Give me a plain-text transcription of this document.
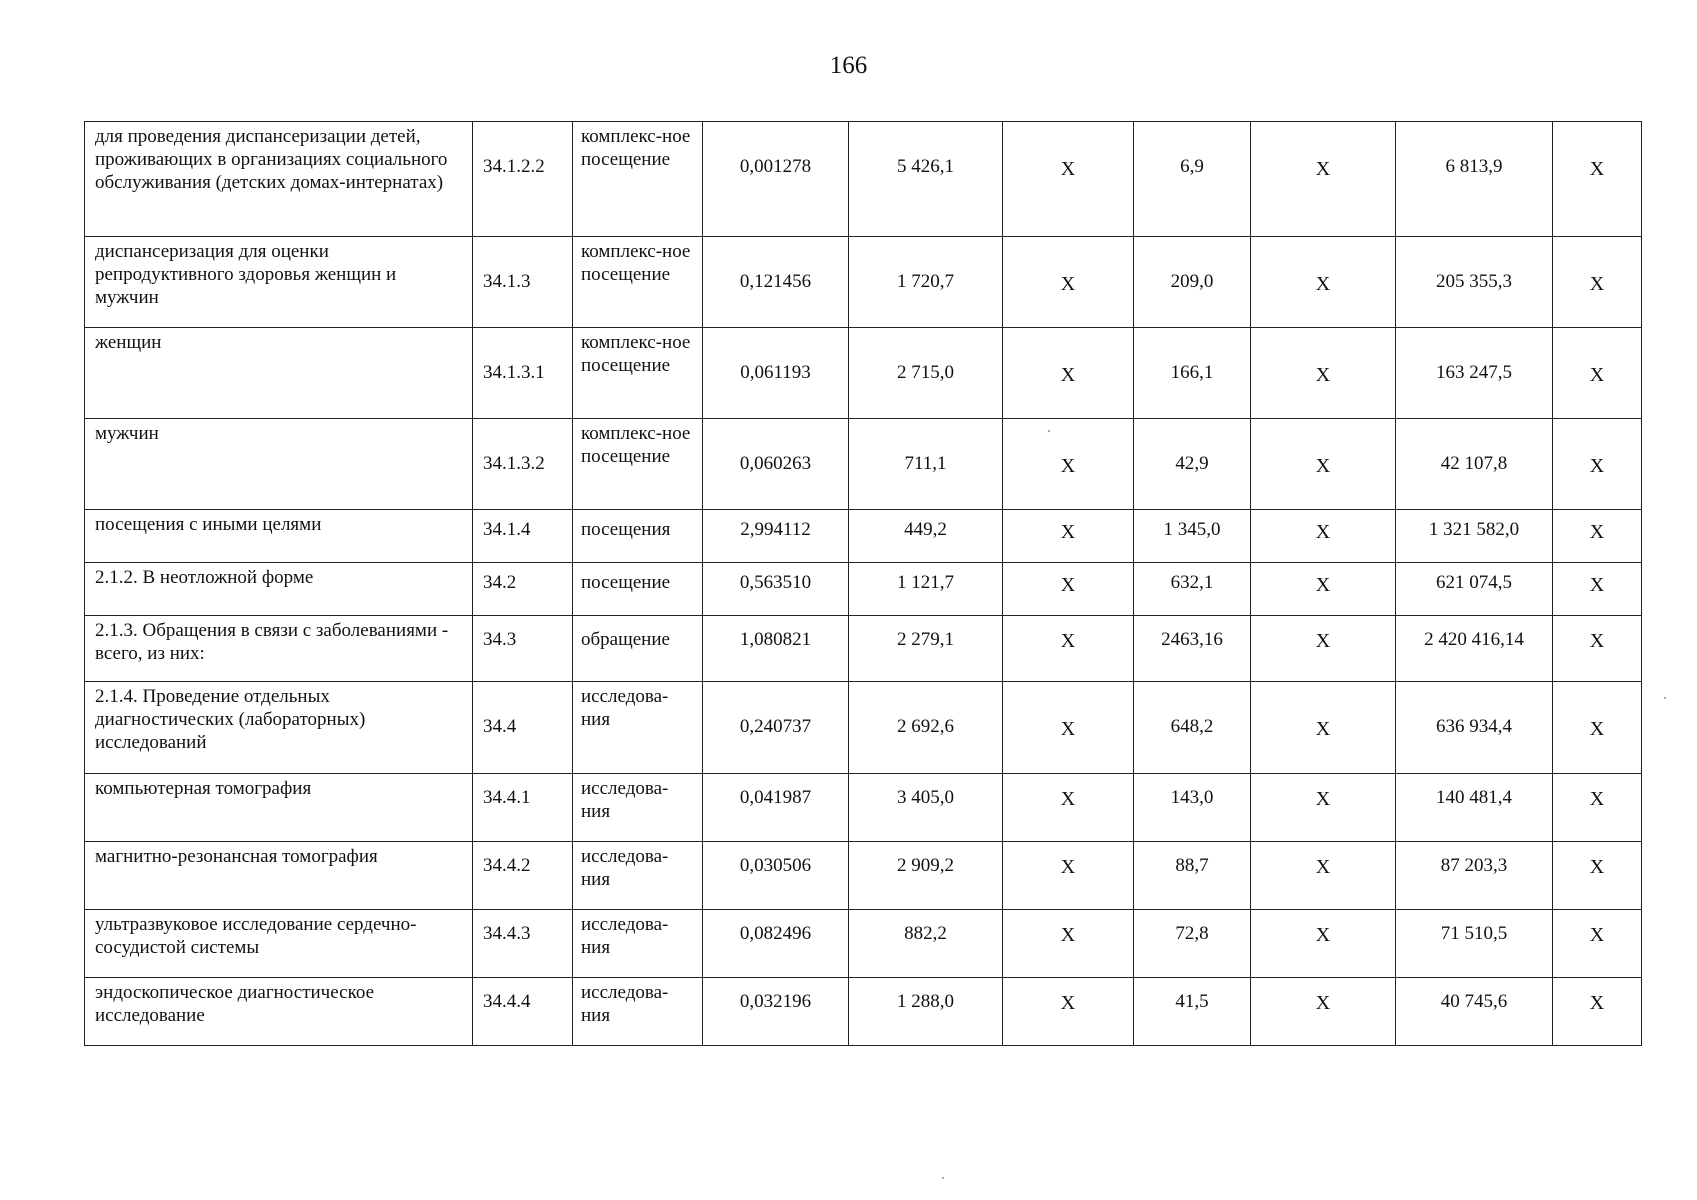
166
для проведения диспансеризации детей, проживающих в организациях социального обслуживания (детских домах-интернатах)	34.1.2.2	комплекс-ное посещение	0,001278	5 426,1	Х	6,9	Х	6 813,9	Х
диспансеризация для оценки репродуктивного здоровья женщин и мужчин	34.1.3	комплекс-ное посещение	0,121456	1 720,7	Х	209,0	Х	205 355,3	Х
женщин	34.1.3.1	комплекс-ное посещение	0,061193	2 715,0	Х	166,1	Х	163 247,5	Х
мужчин	34.1.3.2	комплекс-ное посещение	0,060263	711,1	Х	42,9	Х	42 107,8	Х
посещения с иными целями	34.1.4	посещения	2,994112	449,2	Х	1 345,0	Х	1 321 582,0	Х
2.1.2. В неотложной форме	34.2	посещение	0,563510	1 121,7	Х	632,1	Х	621 074,5	Х
2.1.3. Обращения в связи с заболеваниями - всего, из них:	34.3	обращение	1,080821	2 279,1	Х	2463,16	Х	2 420 416,14	Х
2.1.4. Проведение отдельных диагностических (лабораторных) исследований	34.4	исследова-ния	0,240737	2 692,6	Х	648,2	Х	636 934,4	Х
компьютерная томография	34.4.1	исследова-ния	0,041987	3 405,0	Х	143,0	Х	140 481,4	Х
магнитно-резонансная томография	34.4.2	исследова-ния	0,030506	2 909,2	Х	88,7	Х	87 203,3	Х
ультразвуковое исследование сердечно-сосудистой системы	34.4.3	исследова-ния	0,082496	882,2	Х	72,8	Х	71 510,5	Х
эндоскопическое диагностическое исследование	34.4.4	исследова-ния	0,032196	1 288,0	Х	41,5	Х	40 745,6	Х
